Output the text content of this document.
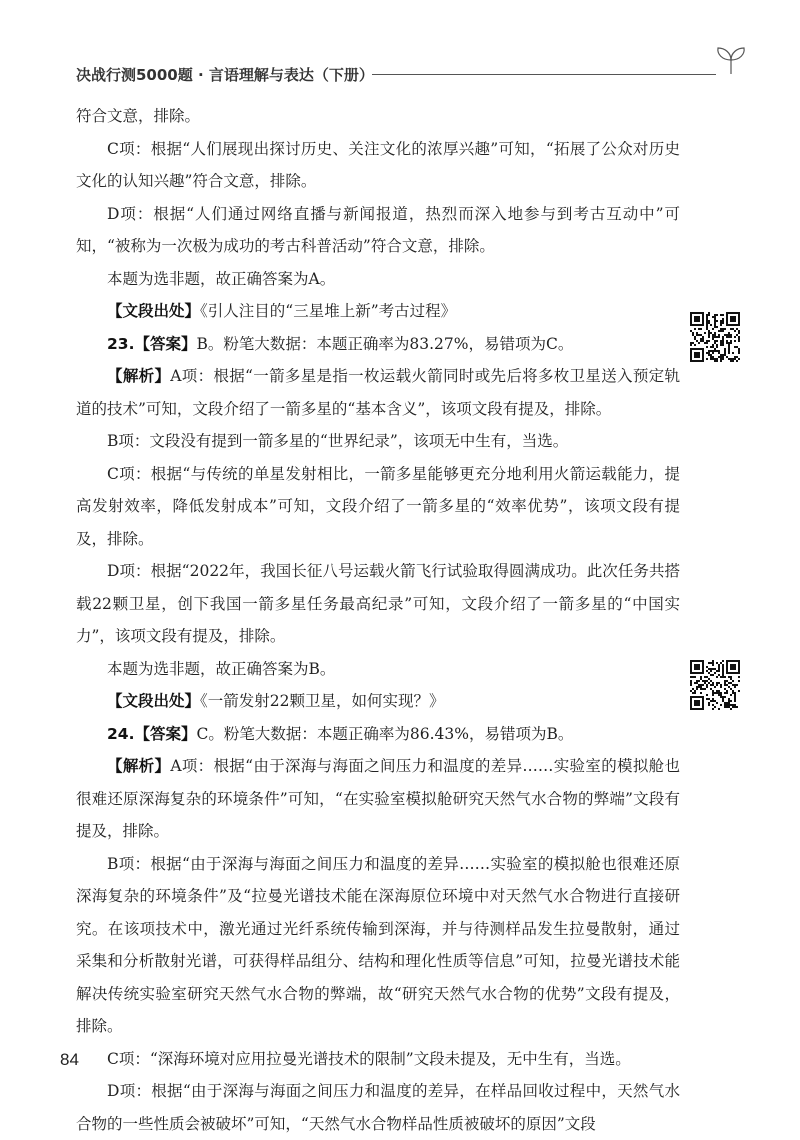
决战行测5000题 · 言语理解与表达（下册）

符合文意，排除。

C项：根据“人们展现出探讨历史、关注文化的浓厚兴趣”可知，“拓展了公众对历史文化的认知兴趣”符合文意，排除。

D项：根据“人们通过网络直播与新闻报道，热烈而深入地参与到考古互动中”可知，“被称为一次极为成功的考古科普活动”符合文意，排除。

本题为选非题，故正确答案为A。

【文段出处】《引人注目的“三星堆上新”考古过程》

23.【答案】B。粉笔大数据：本题正确率为83.27%，易错项为C。

【解析】A项：根据“一箭多星是指一枚运载火箭同时或先后将多枚卫星送入预定轨道的技术”可知，文段介绍了一箭多星的“基本含义”，该项文段有提及，排除。

B项：文段没有提到一箭多星的“世界纪录”，该项无中生有，当选。

C项：根据“与传统的单星发射相比，一箭多星能够更充分地利用火箭运载能力，提高发射效率，降低发射成本”可知，文段介绍了一箭多星的“效率优势”，该项文段有提及，排除。

D项：根据“2022年，我国长征八号运载火箭飞行试验取得圆满成功。此次任务共搭载22颗卫星，创下我国一箭多星任务最高纪录”可知，文段介绍了一箭多星的“中国实力”，该项文段有提及，排除。

本题为选非题，故正确答案为B。

【文段出处】《一箭发射22颗卫星，如何实现？》

24.【答案】C。粉笔大数据：本题正确率为86.43%，易错项为B。

【解析】A项：根据“由于深海与海面之间压力和温度的差异……实验室的模拟舱也很难还原深海复杂的环境条件”可知，“在实验室模拟舱研究天然气水合物的弊端”文段有提及，排除。

B项：根据“由于深海与海面之间压力和温度的差异……实验室的模拟舱也很难还原深海复杂的环境条件”及“拉曼光谱技术能在深海原位环境中对天然气水合物进行直接研究。在该项技术中，激光通过光纤系统传输到深海，并与待测样品发生拉曼散射，通过采集和分析散射光谱，可获得样品组分、结构和理化性质等信息”可知，拉曼光谱技术能解决传统实验室研究天然气水合物的弊端，故“研究天然气水合物的优势”文段有提及，排除。

C项：“深海环境对应用拉曼光谱技术的限制”文段未提及，无中生有，当选。

D项：根据“由于深海与海面之间压力和温度的差异，在样品回收过程中，天然气水合物的一些性质会被破坏”可知，“天然气水合物样品性质被破坏的原因”文段

84
